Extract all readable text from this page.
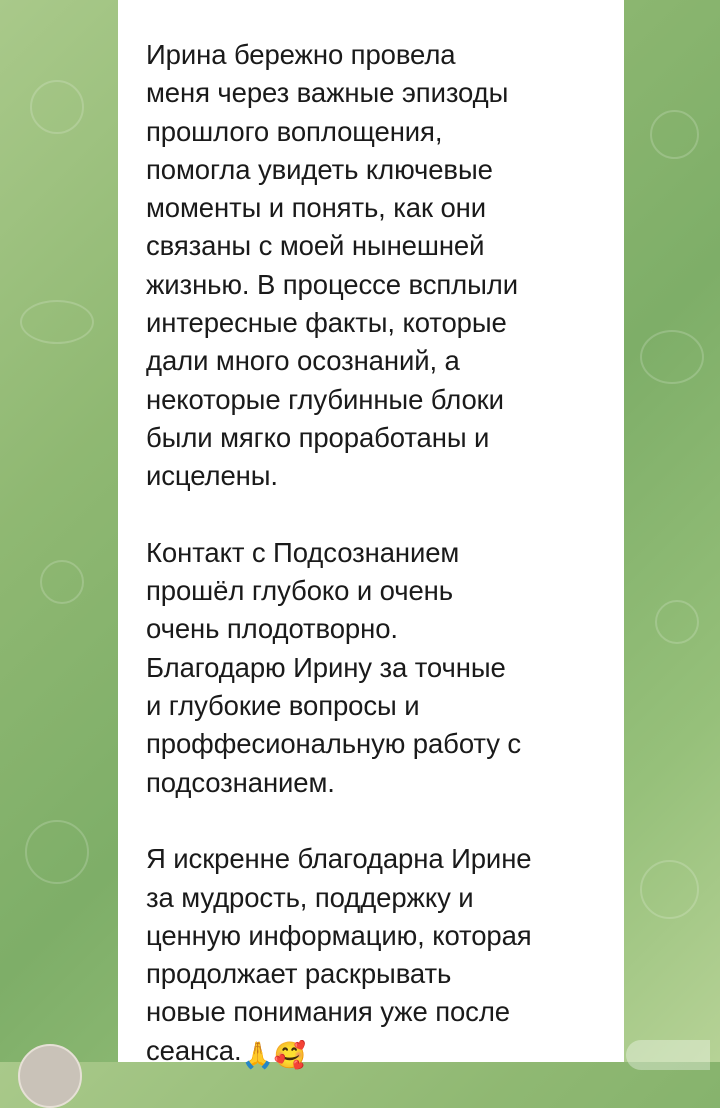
Ирина бережно провела
меня через важные эпизоды
прошлого воплощения,
помогла увидеть ключевые
моменты и понять, как они
связаны с моей нынешней
жизнью. В процессе всплыли
интересные факты, которые
дали много осознаний, а
некоторые глубинные блоки
были мягко проработаны и
исцелены.

Контакт с Подсознанием
прошёл глубоко и очень
очень плодотворно.
Благодарю Ирину за точные
и глубокие вопросы и
проффесиональную работу с
подсознанием.

Я искренне благодарна Ирине
за мудрость, поддержку и
ценную информацию, которая
продолжает раскрывать
новые понимания уже после
сеанса.🙏🥰
